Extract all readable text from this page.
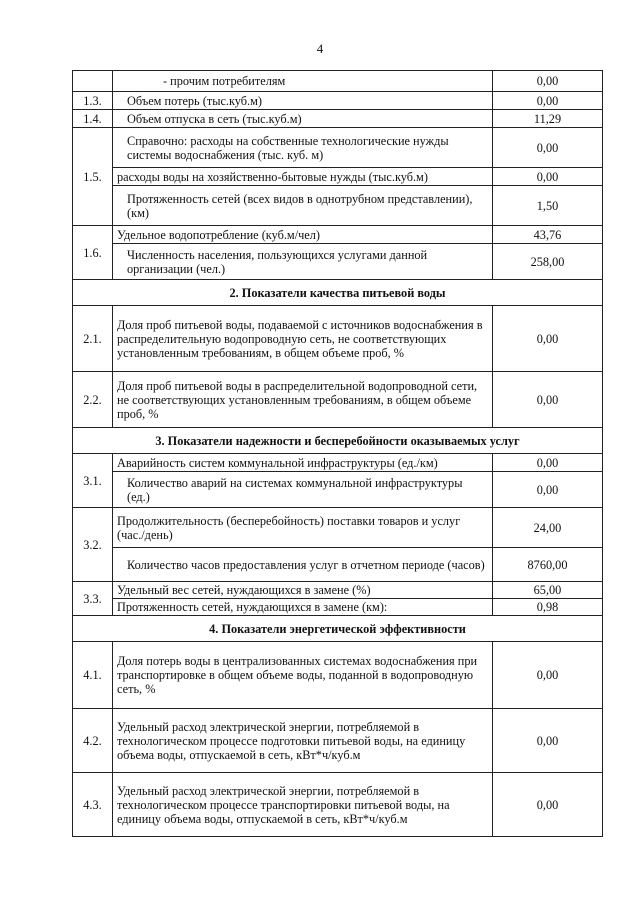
4
	- прочим потребителям	0,00
1.3.	Объем потерь (тыс.куб.м)	0,00
1.4.	Объем отпуска в сеть (тыс.куб.м)	11,29
1.5.	Справочно: расходы на собственные технологические нужды системы водоснабжения (тыс. куб. м)	0,00
	расходы воды на хозяйственно-бытовые нужды (тыс.куб.м)	0,00
	Протяженность сетей (всех видов в однотрубном представлении), (км)	1,50
1.6.	Удельное водопотребление (куб.м/чел)	43,76
	Численность населения, пользующихся услугами данной организации (чел.)	258,00
2. Показатели качества питьевой воды		
2.1.	Доля проб питьевой воды, подаваемой с источников водоснабжения в распределительную водопроводную сеть, не соответствующих установленным требованиям, в общем объеме проб, %	0,00
2.2.	Доля проб питьевой воды в распределительной водопроводной сети, не соответствующих установленным требованиям, в общем объеме проб, %	0,00
3. Показатели надежности и бесперебойности оказываемых услуг		
3.1.	Аварийность систем коммунальной инфраструктуры (ед./км)	0,00
	Количество аварий на системах коммунальной инфраструктуры (ед.)	0,00
3.2.	Продолжительность (бесперебойность) поставки товаров и услуг (час./день)	24,00
	Количество часов предоставления услуг в отчетном периоде (часов)	8760,00
3.3.	Удельный вес сетей, нуждающихся в замене (%)	65,00
	Протяженность сетей, нуждающихся в замене (км):	0,98
4. Показатели энергетической эффективности		
4.1.	Доля потерь воды в централизованных системах водоснабжения при транспортировке в общем объеме воды, поданной в водопроводную сеть, %	0,00
4.2.	Удельный расход электрической энергии, потребляемой в технологическом процессе подготовки питьевой воды, на единицу объема воды, отпускаемой в сеть, кВт*ч/куб.м	0,00
4.3.	Удельный расход электрической энергии, потребляемой в технологическом процессе транспортировки питьевой воды, на единицу объема воды, отпускаемой в сеть, кВт*ч/куб.м	0,00
